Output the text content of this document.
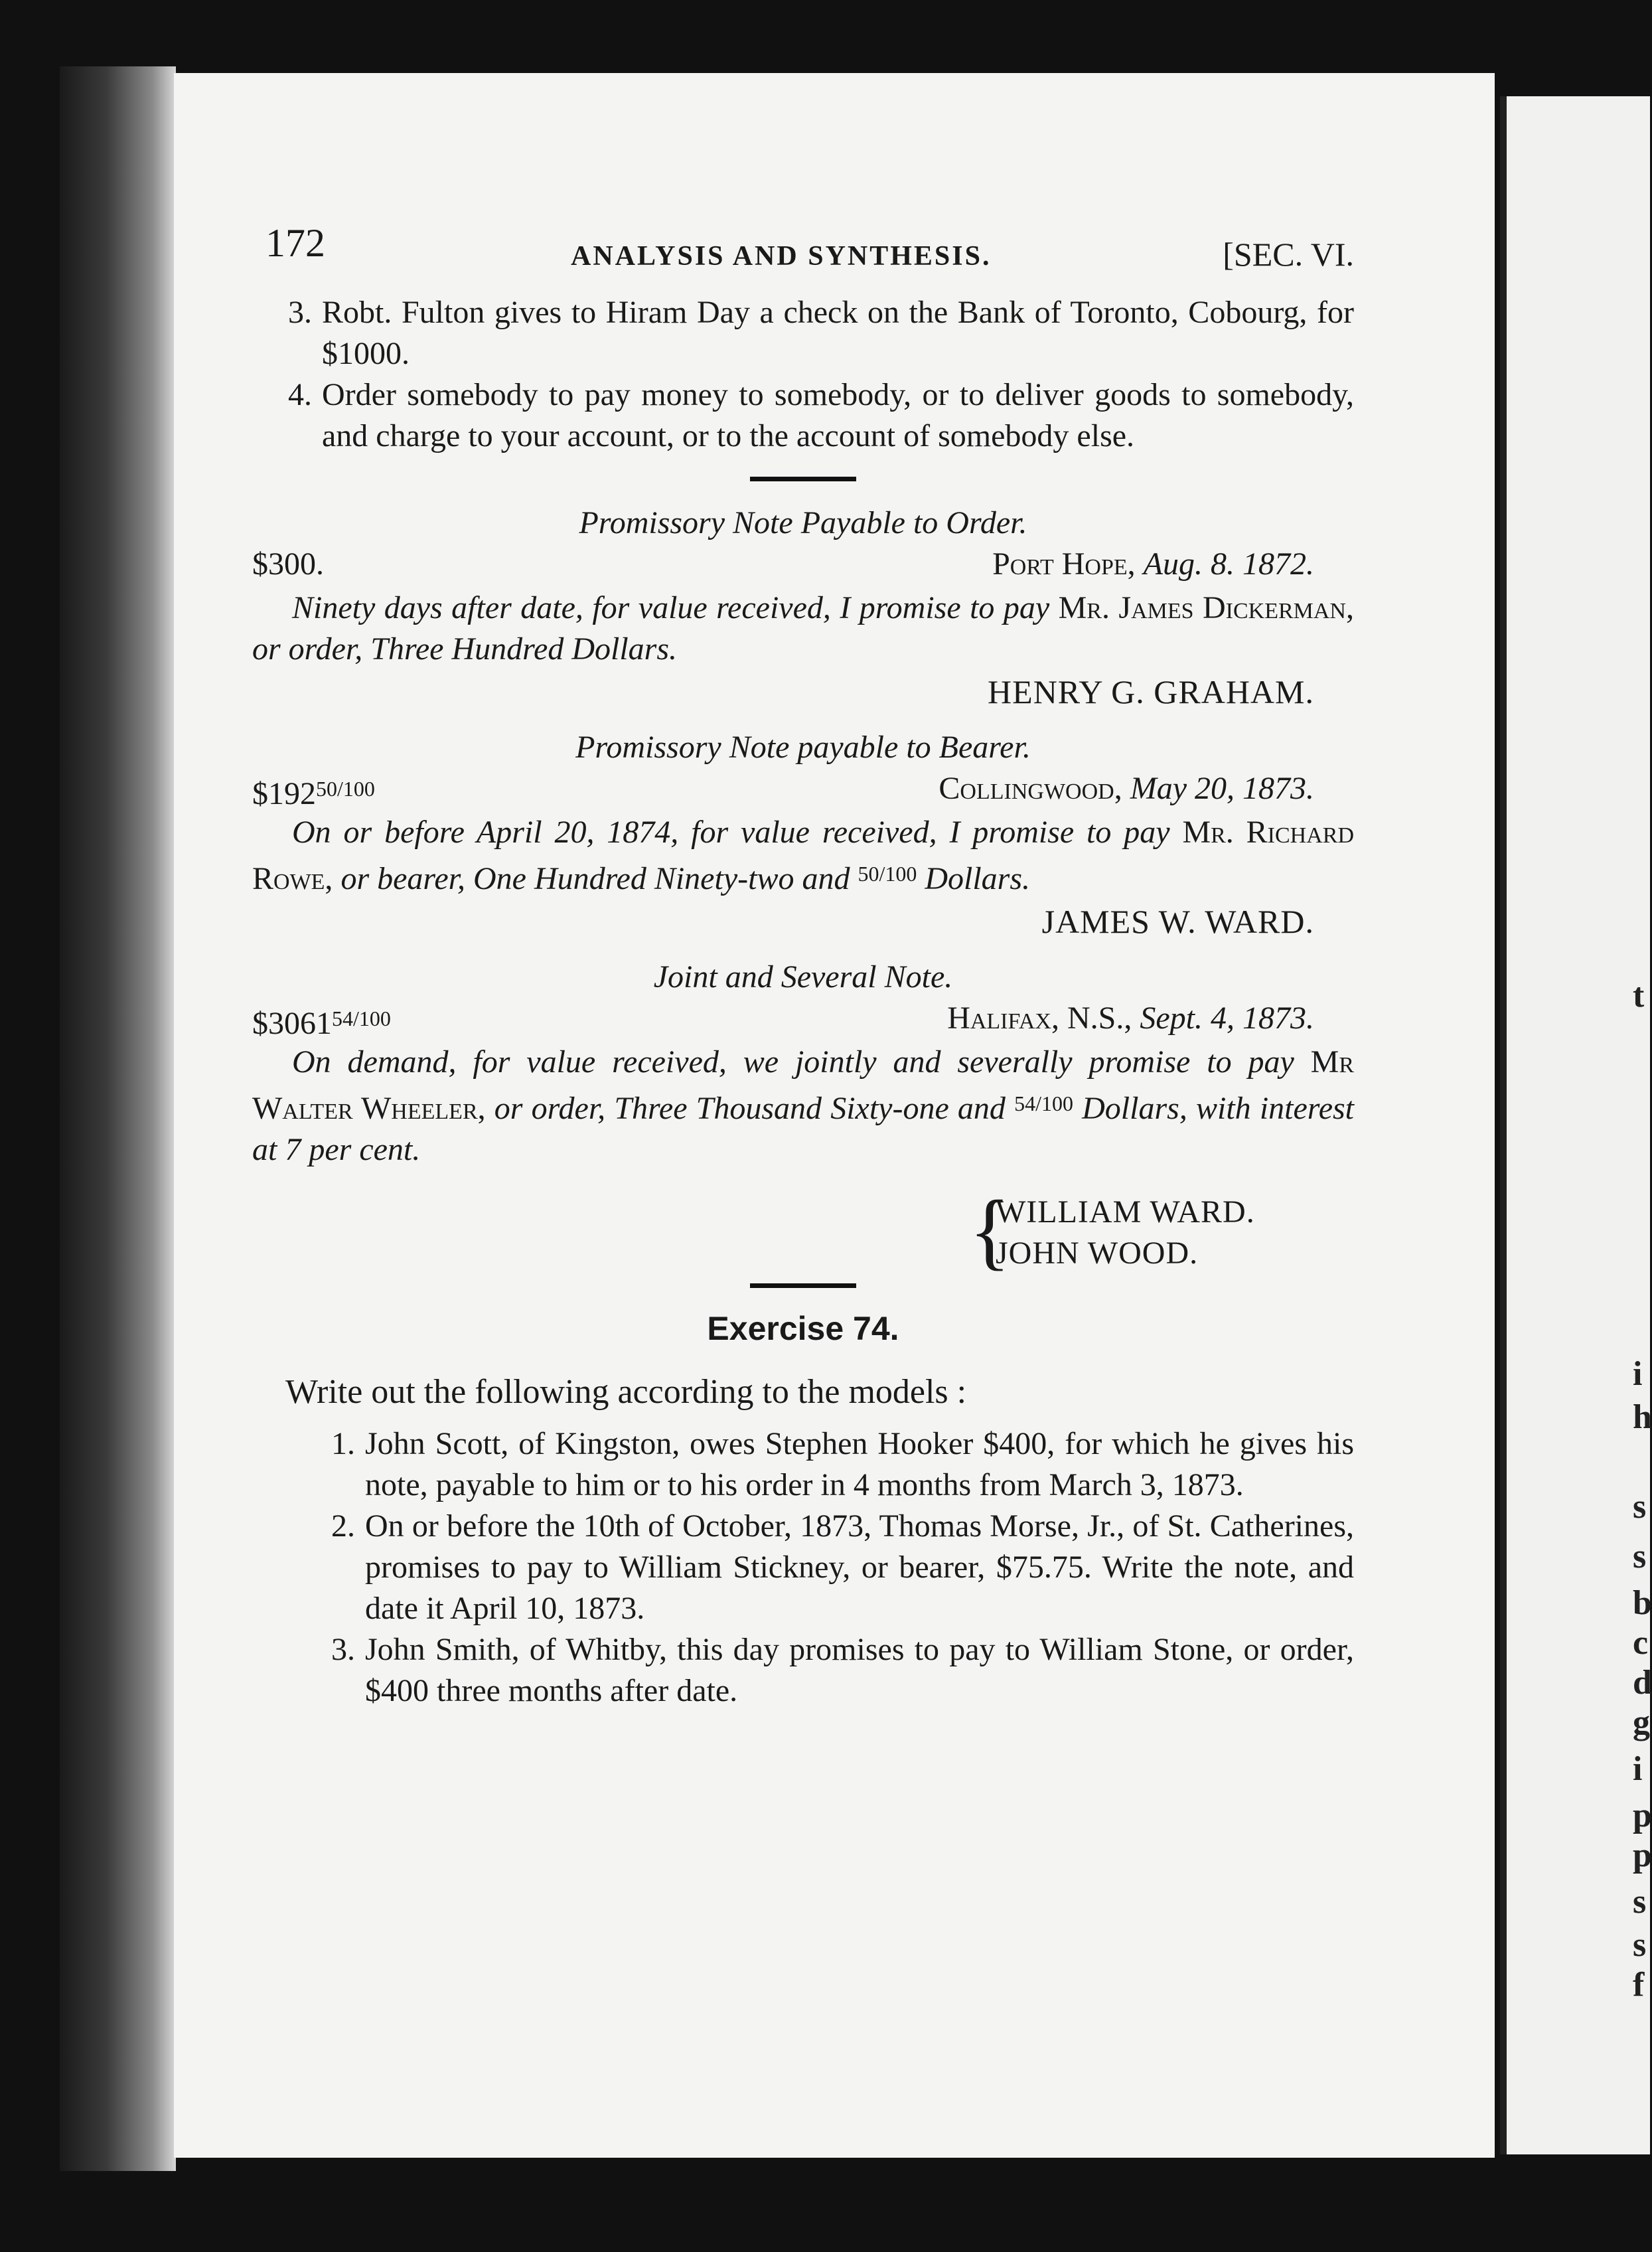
t
i
h
s
s
b
c
d
g
i
p
p
s
s
f
172	ANALYSIS AND SYNTHESIS.	[SEC. VI.
3. Robt. Fulton gives to Hiram Day a check on the Bank of Toronto, Cobourg, for $1000.
4. Order somebody to pay money to somebody, or to deliver goods to somebody, and charge to your account, or to the account of somebody else.
Promissory Note Payable to Order.
$300.	Port Hope, Aug. 8. 1872.

Ninety days after date, for value received, I promise to pay Mr. James Dickerman, or order, Three Hundred Dollars.

HENRY G. GRAHAM.
Promissory Note payable to Bearer.
$\$192^{50/100}$	Collingwood, May 20, 1873.

On or before April 20, 1874, for value received, I promise to pay Mr. Richard Rowe, or bearer, One Hundred Ninety-two and $^{50/100}$ Dollars.

JAMES W. WARD.
Joint and Several Note.
$\$3061^{54/100}$	Halifax, N.S., Sept. 4, 1873.

On demand, for value received, we jointly and severally promise to pay Mr Walter Wheeler, or order, Three Thousand Sixty-one and $^{54/100}$ Dollars, with interest at 7 per cent.

{
WILLIAM WARD.
JOHN WOOD.
Exercise 74.
Write out the following according to the models :
1. John Scott, of Kingston, owes Stephen Hooker $400, for which he gives his note, payable to him or to his order in 4 months from March 3, 1873.
2. On or before the 10th of October, 1873, Thomas Morse, Jr., of St. Catherines, promises to pay to William Stickney, or bearer, $75.75. Write the note, and date it April 10, 1873.
3. John Smith, of Whitby, this day promises to pay to William Stone, or order, $400 three months after date.
